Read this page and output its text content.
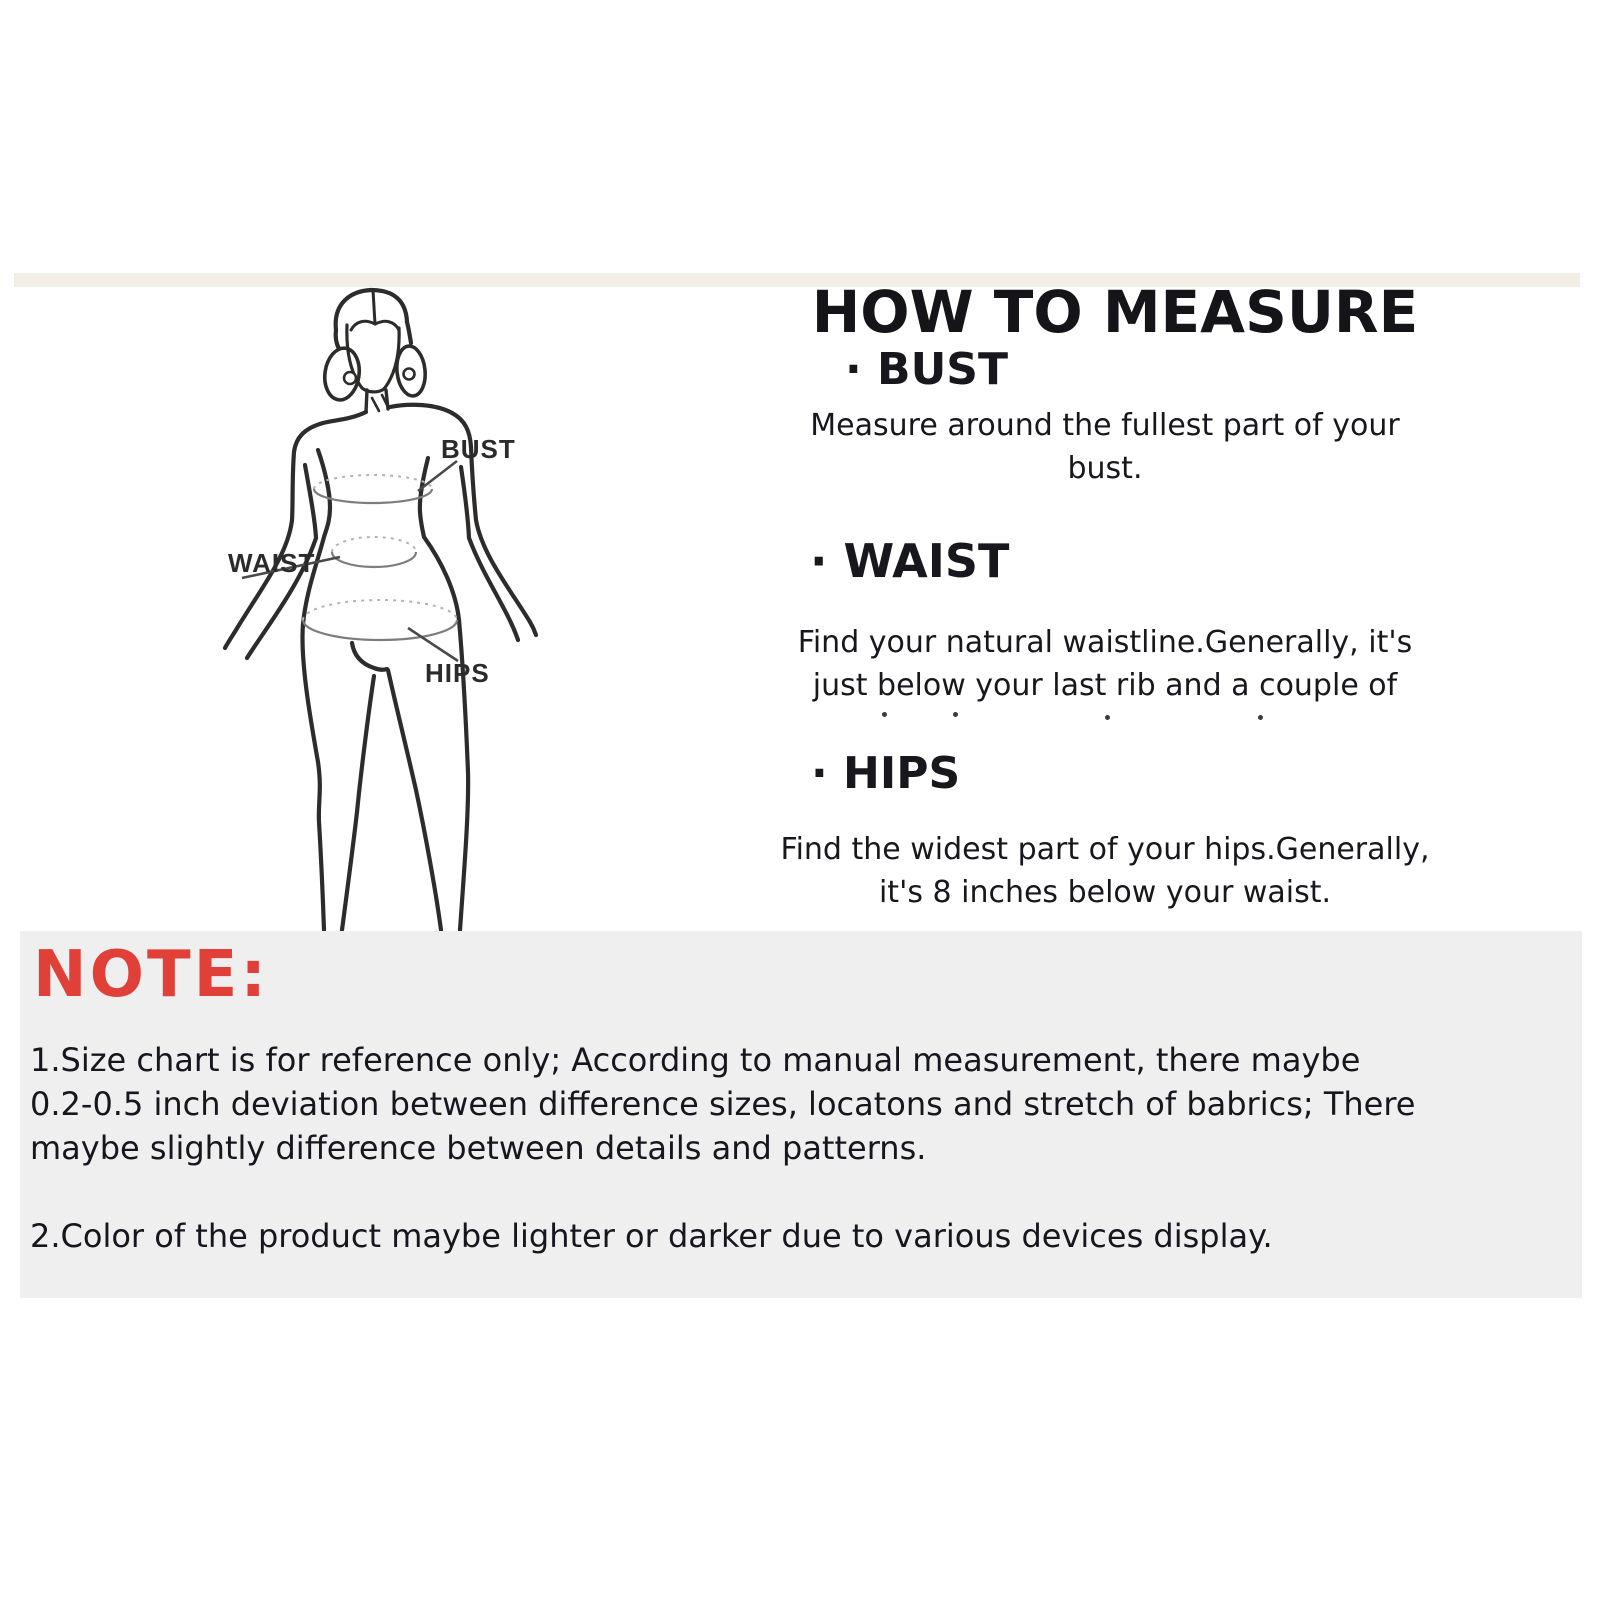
BUST
WAIST
HIPS
HOW TO MEASURE
· BUST
Measure around the fullest part of your
bust.
· WAIST
Find your natural waistline.Generally, it's
just below your last rib and a couple of
· HIPS
Find the widest part of your hips.Generally,
it's 8 inches below your waist.
NOTE:
1.Size chart is for reference only; According to manual measurement, there maybe
0.2-0.5 inch deviation between difference sizes, locatons and stretch of babrics; There
maybe slightly difference between details and patterns.
2.Color of the product maybe lighter or darker due to various devices display.
